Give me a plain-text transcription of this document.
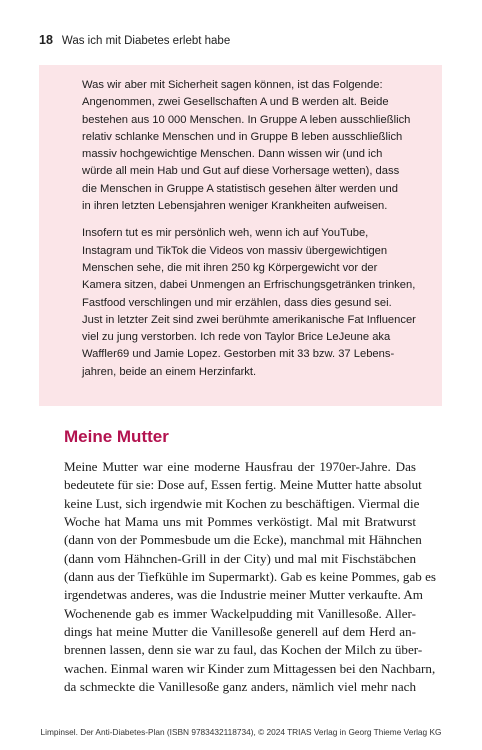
18 Was ich mit Diabetes erlebt habe

Was wir aber mit Sicherheit sagen können, ist das Folgende:
Angenommen, zwei Gesellschaften A und B werden alt. Beide
bestehen aus 10 000 Menschen. In Gruppe A leben ausschließlich
relativ schlanke Menschen und in Gruppe B leben ausschließlich
massiv hochgewichtige Menschen. Dann wissen wir (und ich
würde all mein Hab und Gut auf diese Vorhersage wetten), dass
die Menschen in Gruppe A statistisch gesehen älter werden und
in ihren letzten Lebensjahren weniger Krankheiten aufweisen.

Insofern tut es mir persönlich weh, wenn ich auf YouTube,
Instagram und TikTok die Videos von massiv übergewichtigen
Menschen sehe, die mit ihren 250 kg Körpergewicht vor der
Kamera sitzen, dabei Unmengen an Erfrischungsgetränken trinken,
Fastfood verschlingen und mir erzählen, dass dies gesund sei.
Just in letzter Zeit sind zwei berühmte amerikanische Fat Influencer
viel zu jung verstorben. Ich rede von Taylor Brice LeJeune aka
Waffler69 und Jamie Lopez. Gestorben mit 33 bzw. 37 Lebens-
jahren, beide an einem Herzinfarkt.

Meine Mutter
Meine Mutter war eine moderne Hausfrau der 1970er-Jahre. Das
bedeutete für sie: Dose auf, Essen fertig. Meine Mutter hatte absolut
keine Lust, sich irgendwie mit Kochen zu beschäftigen. Viermal die
Woche hat Mama uns mit Pommes verköstigt. Mal mit Bratwurst
(dann von der Pommesbude um die Ecke), manchmal mit Hähnchen
(dann vom Hähnchen-Grill in der City) und mal mit Fischstäbchen
(dann aus der Tiefkühle im Supermarkt). Gab es keine Pommes, gab es
irgendetwas anderes, was die Industrie meiner Mutter verkaufte. Am
Wochenende gab es immer Wackelpudding mit Vanillesoße. Aller-
dings hat meine Mutter die Vanillesoße generell auf dem Herd an-
brennen lassen, denn sie war zu faul, das Kochen der Milch zu über-
wachen. Einmal waren wir Kinder zum Mittagessen bei den Nachbarn,
da schmeckte die Vanillesoße ganz anders, nämlich viel mehr nach
Limpinsel. Der Anti-Diabetes-Plan (ISBN 9783432118734), © 2024 TRIAS Verlag in Georg Thieme Verlag KG
